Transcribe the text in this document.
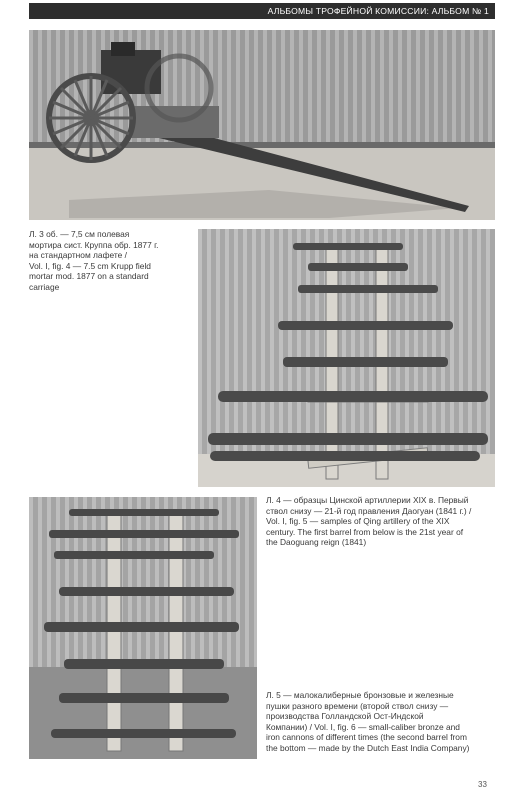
АЛЬБОМЫ ТРОФЕЙНОЙ КОМИССИИ: АЛЬБОМ № 1
Л. 3 об. — 7,5 см полевая
мортира сист. Круппа обр. 1877 г.
на стандартном лафете /
Vol. I, fig. 4 — 7.5 cm Krupp field
mortar mod. 1877 on a standard
carriage
Л. 4 — образцы Цинской артиллерии XIX в. Первый
ствол снизу — 21-й год правления Даогуан (1841 г.) /
Vol. I, fig. 5 — samples of Qing artillery of the XIX
century. The first barrel from below is the 21st year of
the Daoguang reign (1841)
Л. 5 — малокалиберные бронзовые и железные
пушки разного времени (второй ствол снизу —
производства Голландской Ост-Индской
Компании) / Vol. I, fig. 6 — small-caliber bronze and
iron cannons of different times (the second barrel from
the bottom — made by the Dutch East India Company)
33
